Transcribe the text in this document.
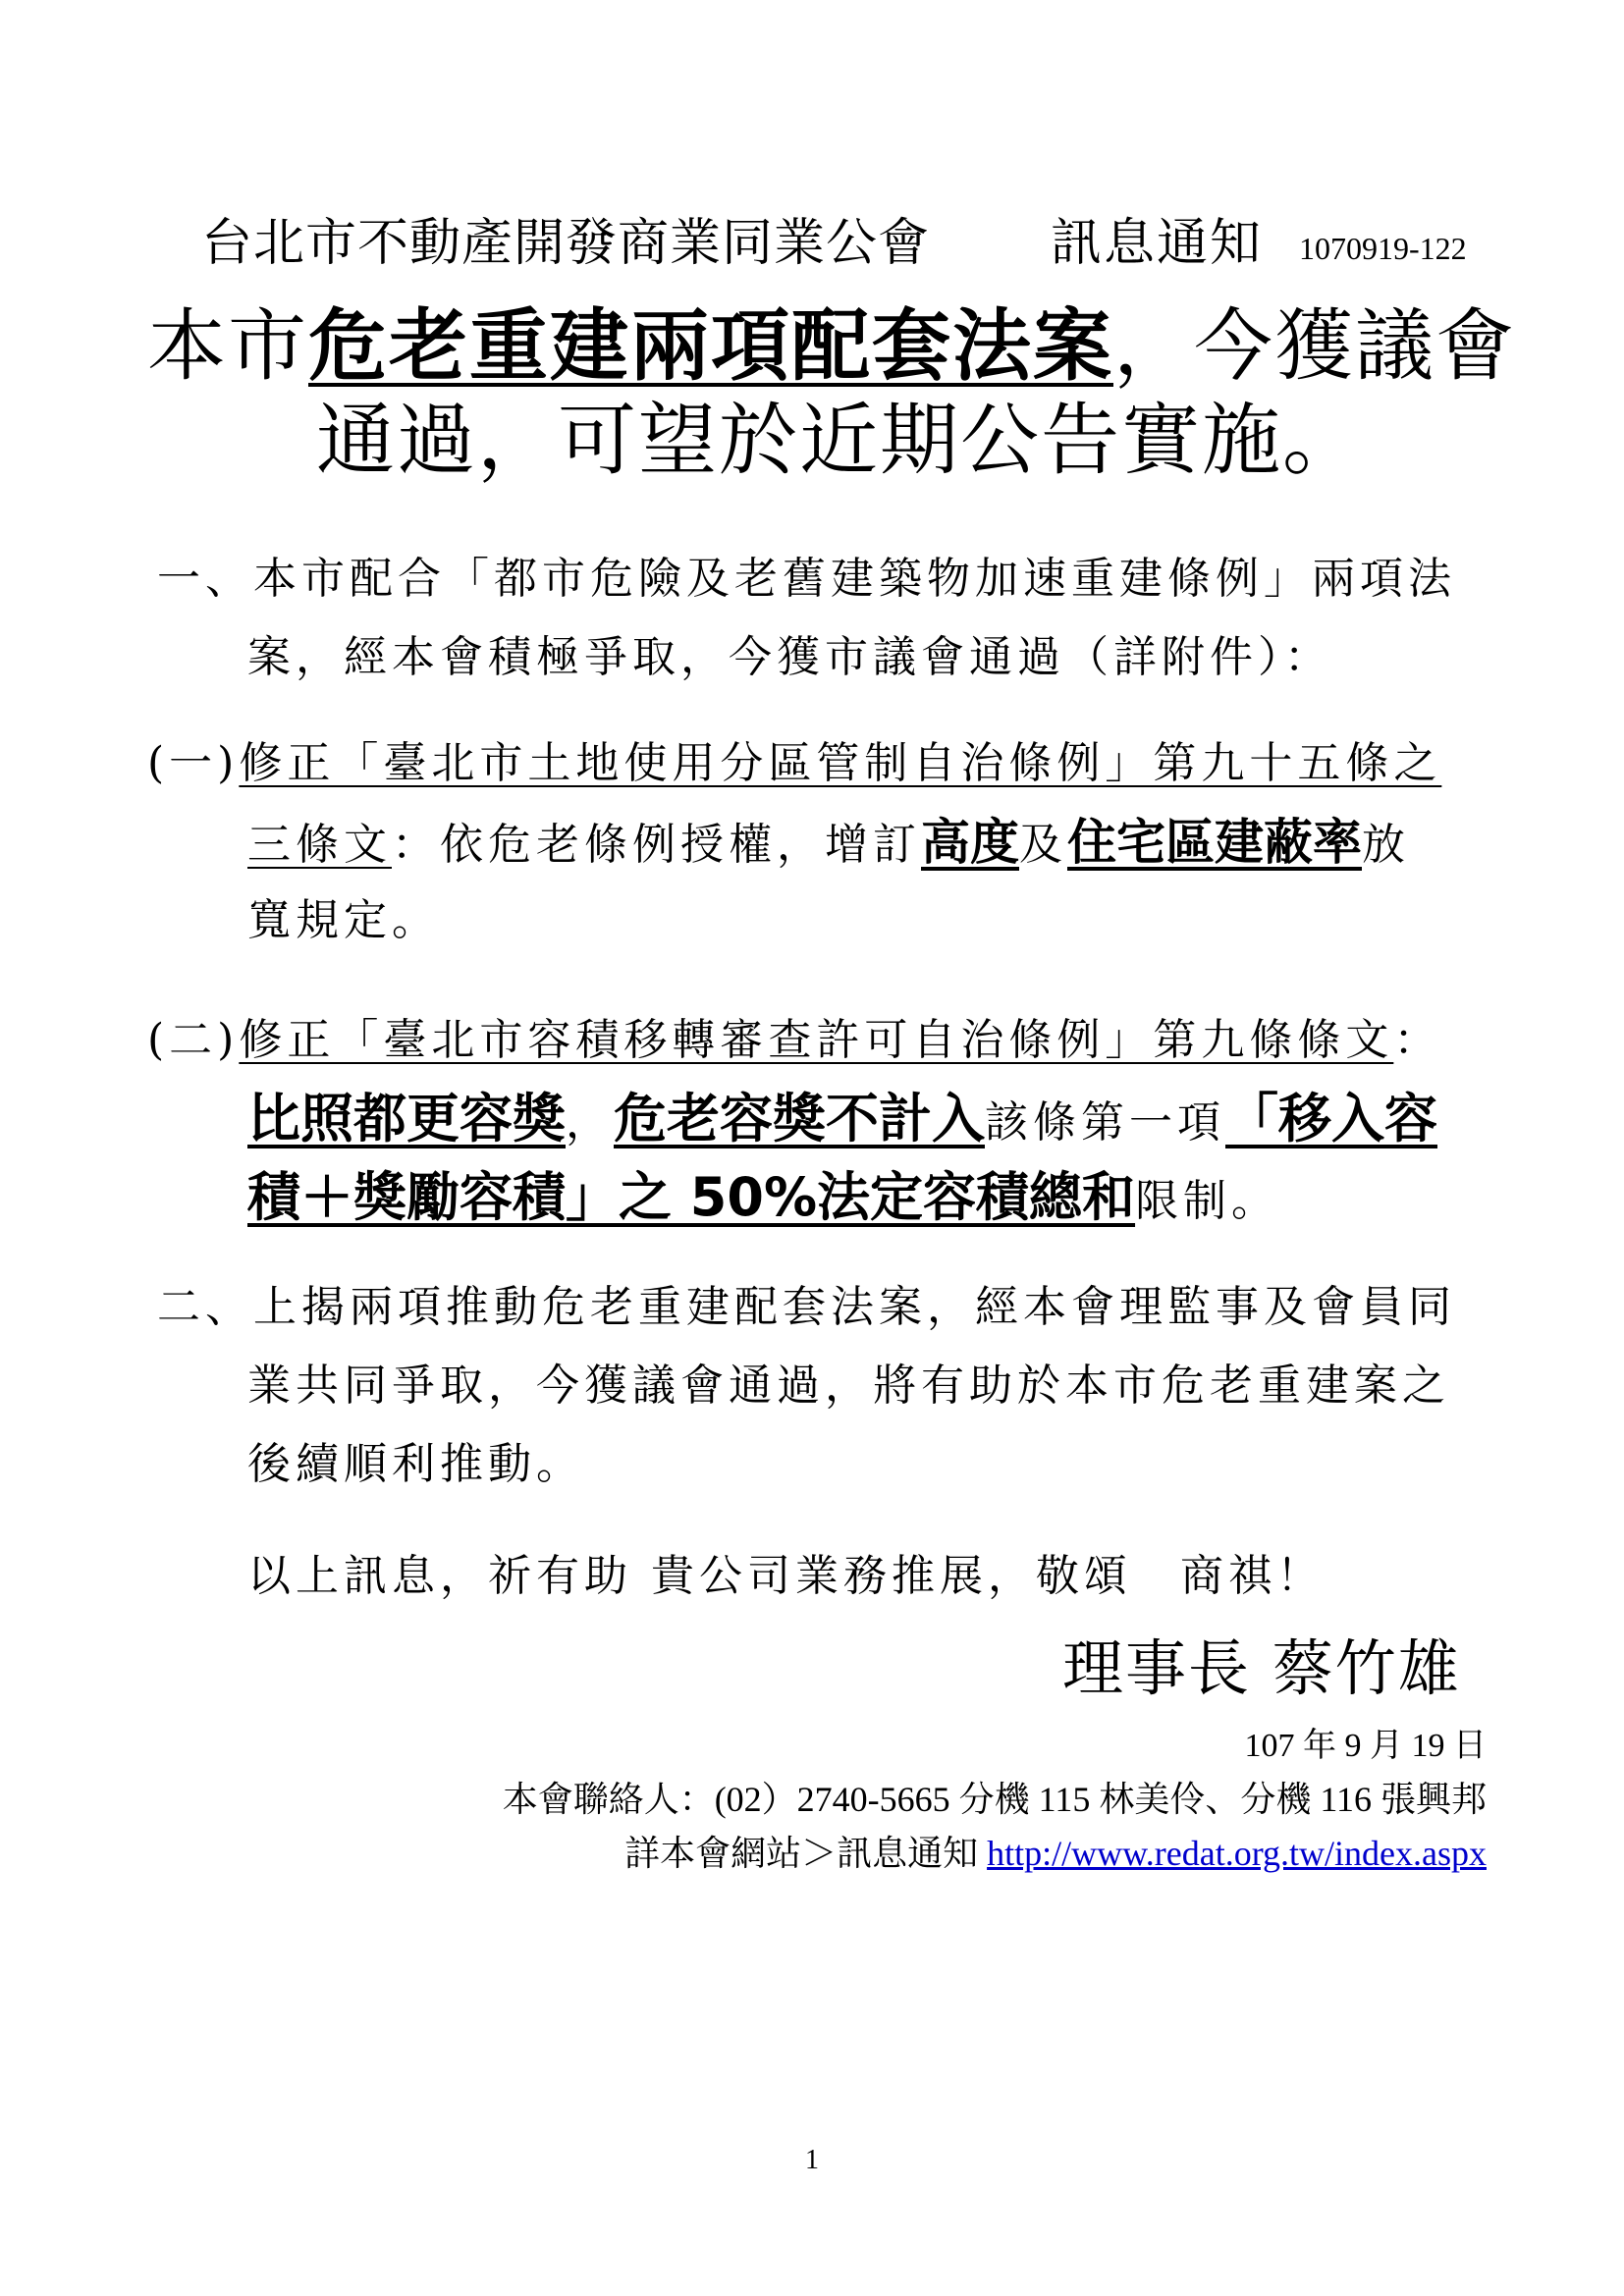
台北市不動產開發商業同業公會 訊息通知 1070919-122
本市危老重建兩項配套法案，今獲議會
通過，可望於近期公告實施。
一、本市配合「都市危險及老舊建築物加速重建條例」兩項法
案，經本會積極爭取，今獲市議會通過（詳附件）：
(一)修正「臺北市土地使用分區管制自治條例」第九十五條之
三條文：依危老條例授權，增訂高度及住宅區建蔽率放
寬規定。
(二)修正「臺北市容積移轉審查許可自治條例」第九條條文：
比照都更容獎，危老容獎不計入該條第一項「移入容
積＋獎勵容積」之 50%法定容積總和限制。
二、上揭兩項推動危老重建配套法案，經本會理監事及會員同
業共同爭取，今獲議會通過，將有助於本市危老重建案之
後續順利推動。
以上訊息，祈有助 貴公司業務推展，敬頌　商祺！
理事長 蔡竹雄
107 年 9 月 19 日
本會聯絡人：(02）2740-5665 分機 115 林美伶、分機 116 張興邦
詳本會網站＞訊息通知 http://www.redat.org.tw/index.aspx
1
